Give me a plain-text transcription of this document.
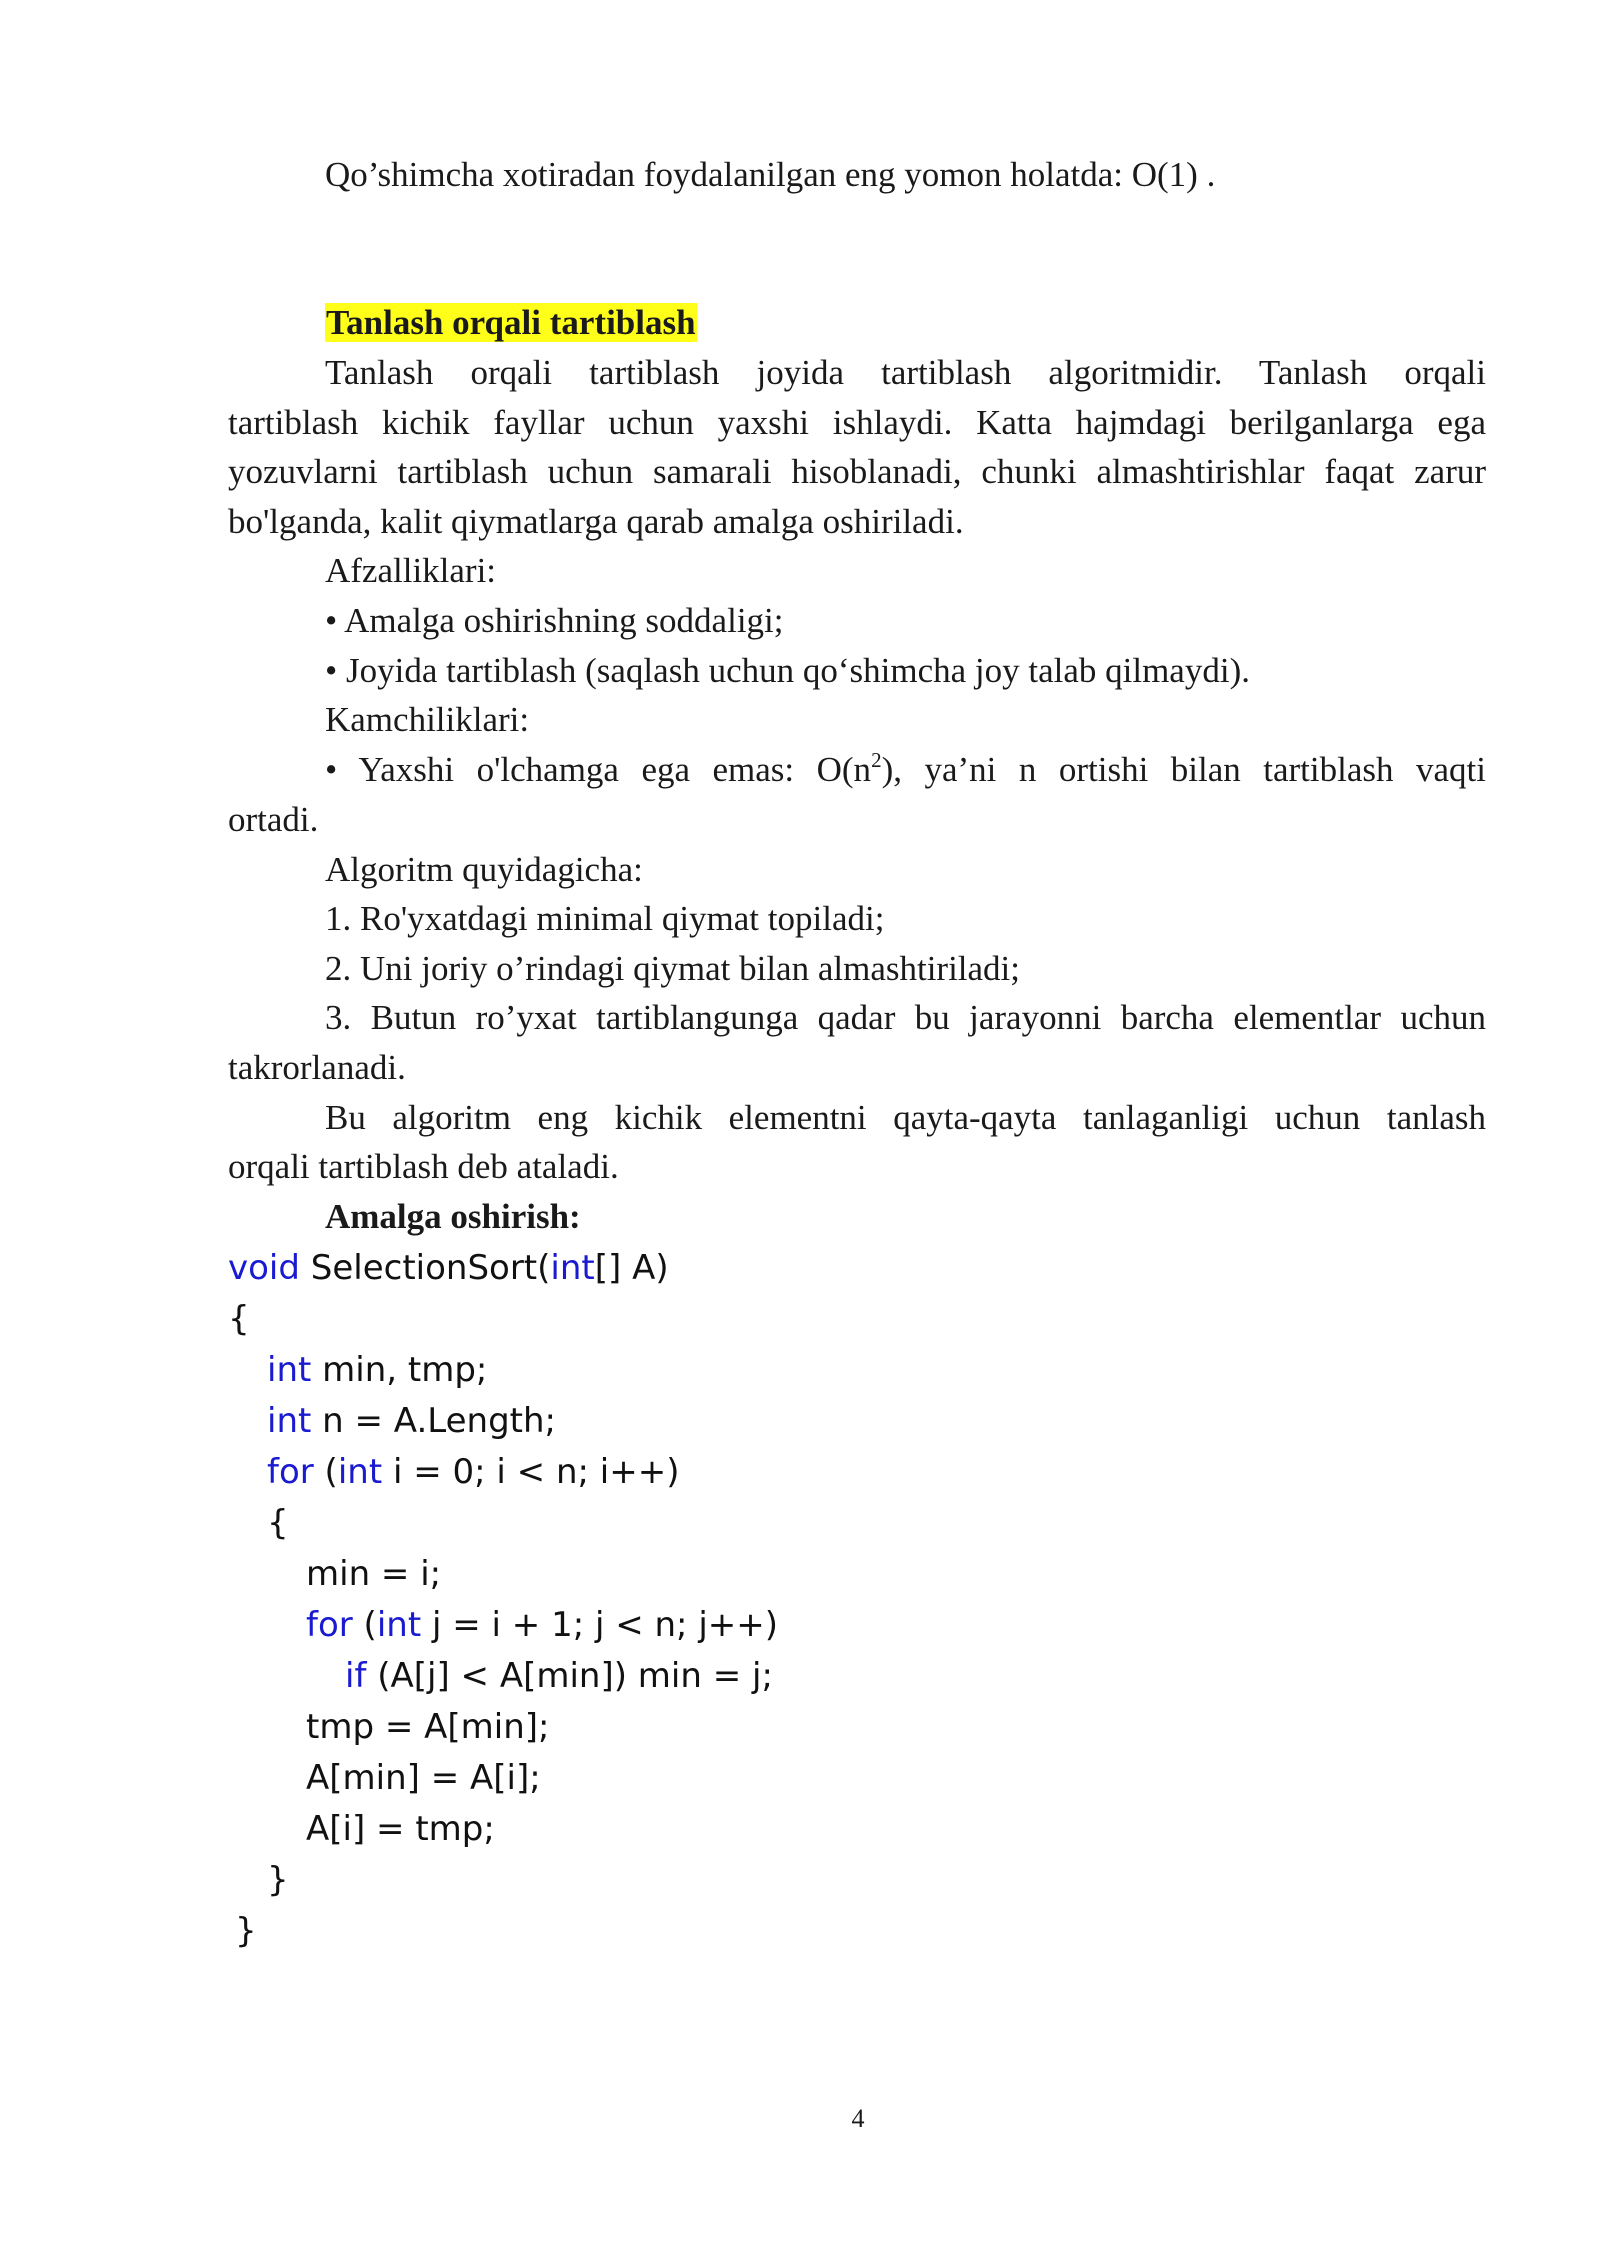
Qo’shimcha xotiradan foydalanilgan eng yomon holatda: O(1) .
Tanlash orqali tartiblash
Tanlash orqali tartiblash joyida tartiblash algoritmidir. Tanlash orqali
tartiblash kichik fayllar uchun yaxshi ishlaydi. Katta hajmdagi berilganlarga ega
yozuvlarni tartiblash uchun samarali hisoblanadi, chunki almashtirishlar faqat zarur
bo'lganda, kalit qiymatlarga qarab amalga oshiriladi.
Afzalliklari:
• Amalga oshirishning soddaligi;
• Joyida tartiblash (saqlash uchun qo‘shimcha joy talab qilmaydi).
Kamchiliklari:
• Yaxshi o'lchamga ega emas: $O(n^2)$, ya’ni n ortishi bilan tartiblash vaqti
ortadi.
Algoritm quyidagicha:
1. Ro'yxatdagi minimal qiymat topiladi;
2. Uni joriy o’rindagi qiymat bilan almashtiriladi;
3. Butun ro’yxat tartiblangunga qadar bu jarayonni barcha elementlar uchun
takrorlanadi.
Bu algoritm eng kichik elementni qayta-qayta tanlaganligi uchun tanlash
orqali tartiblash deb ataladi.
Amalga oshirish:
void SelectionSort(int[] A)
{
int min, tmp;
int n = A.Length;
for (int i = 0; i < n; i++)
{
min = i;
for (int j = i + 1; j < n; j++)
if (A[j] < A[min]) min = j;
tmp = A[min];
A[min] = A[i];
A[i] = tmp;
}
}
4
